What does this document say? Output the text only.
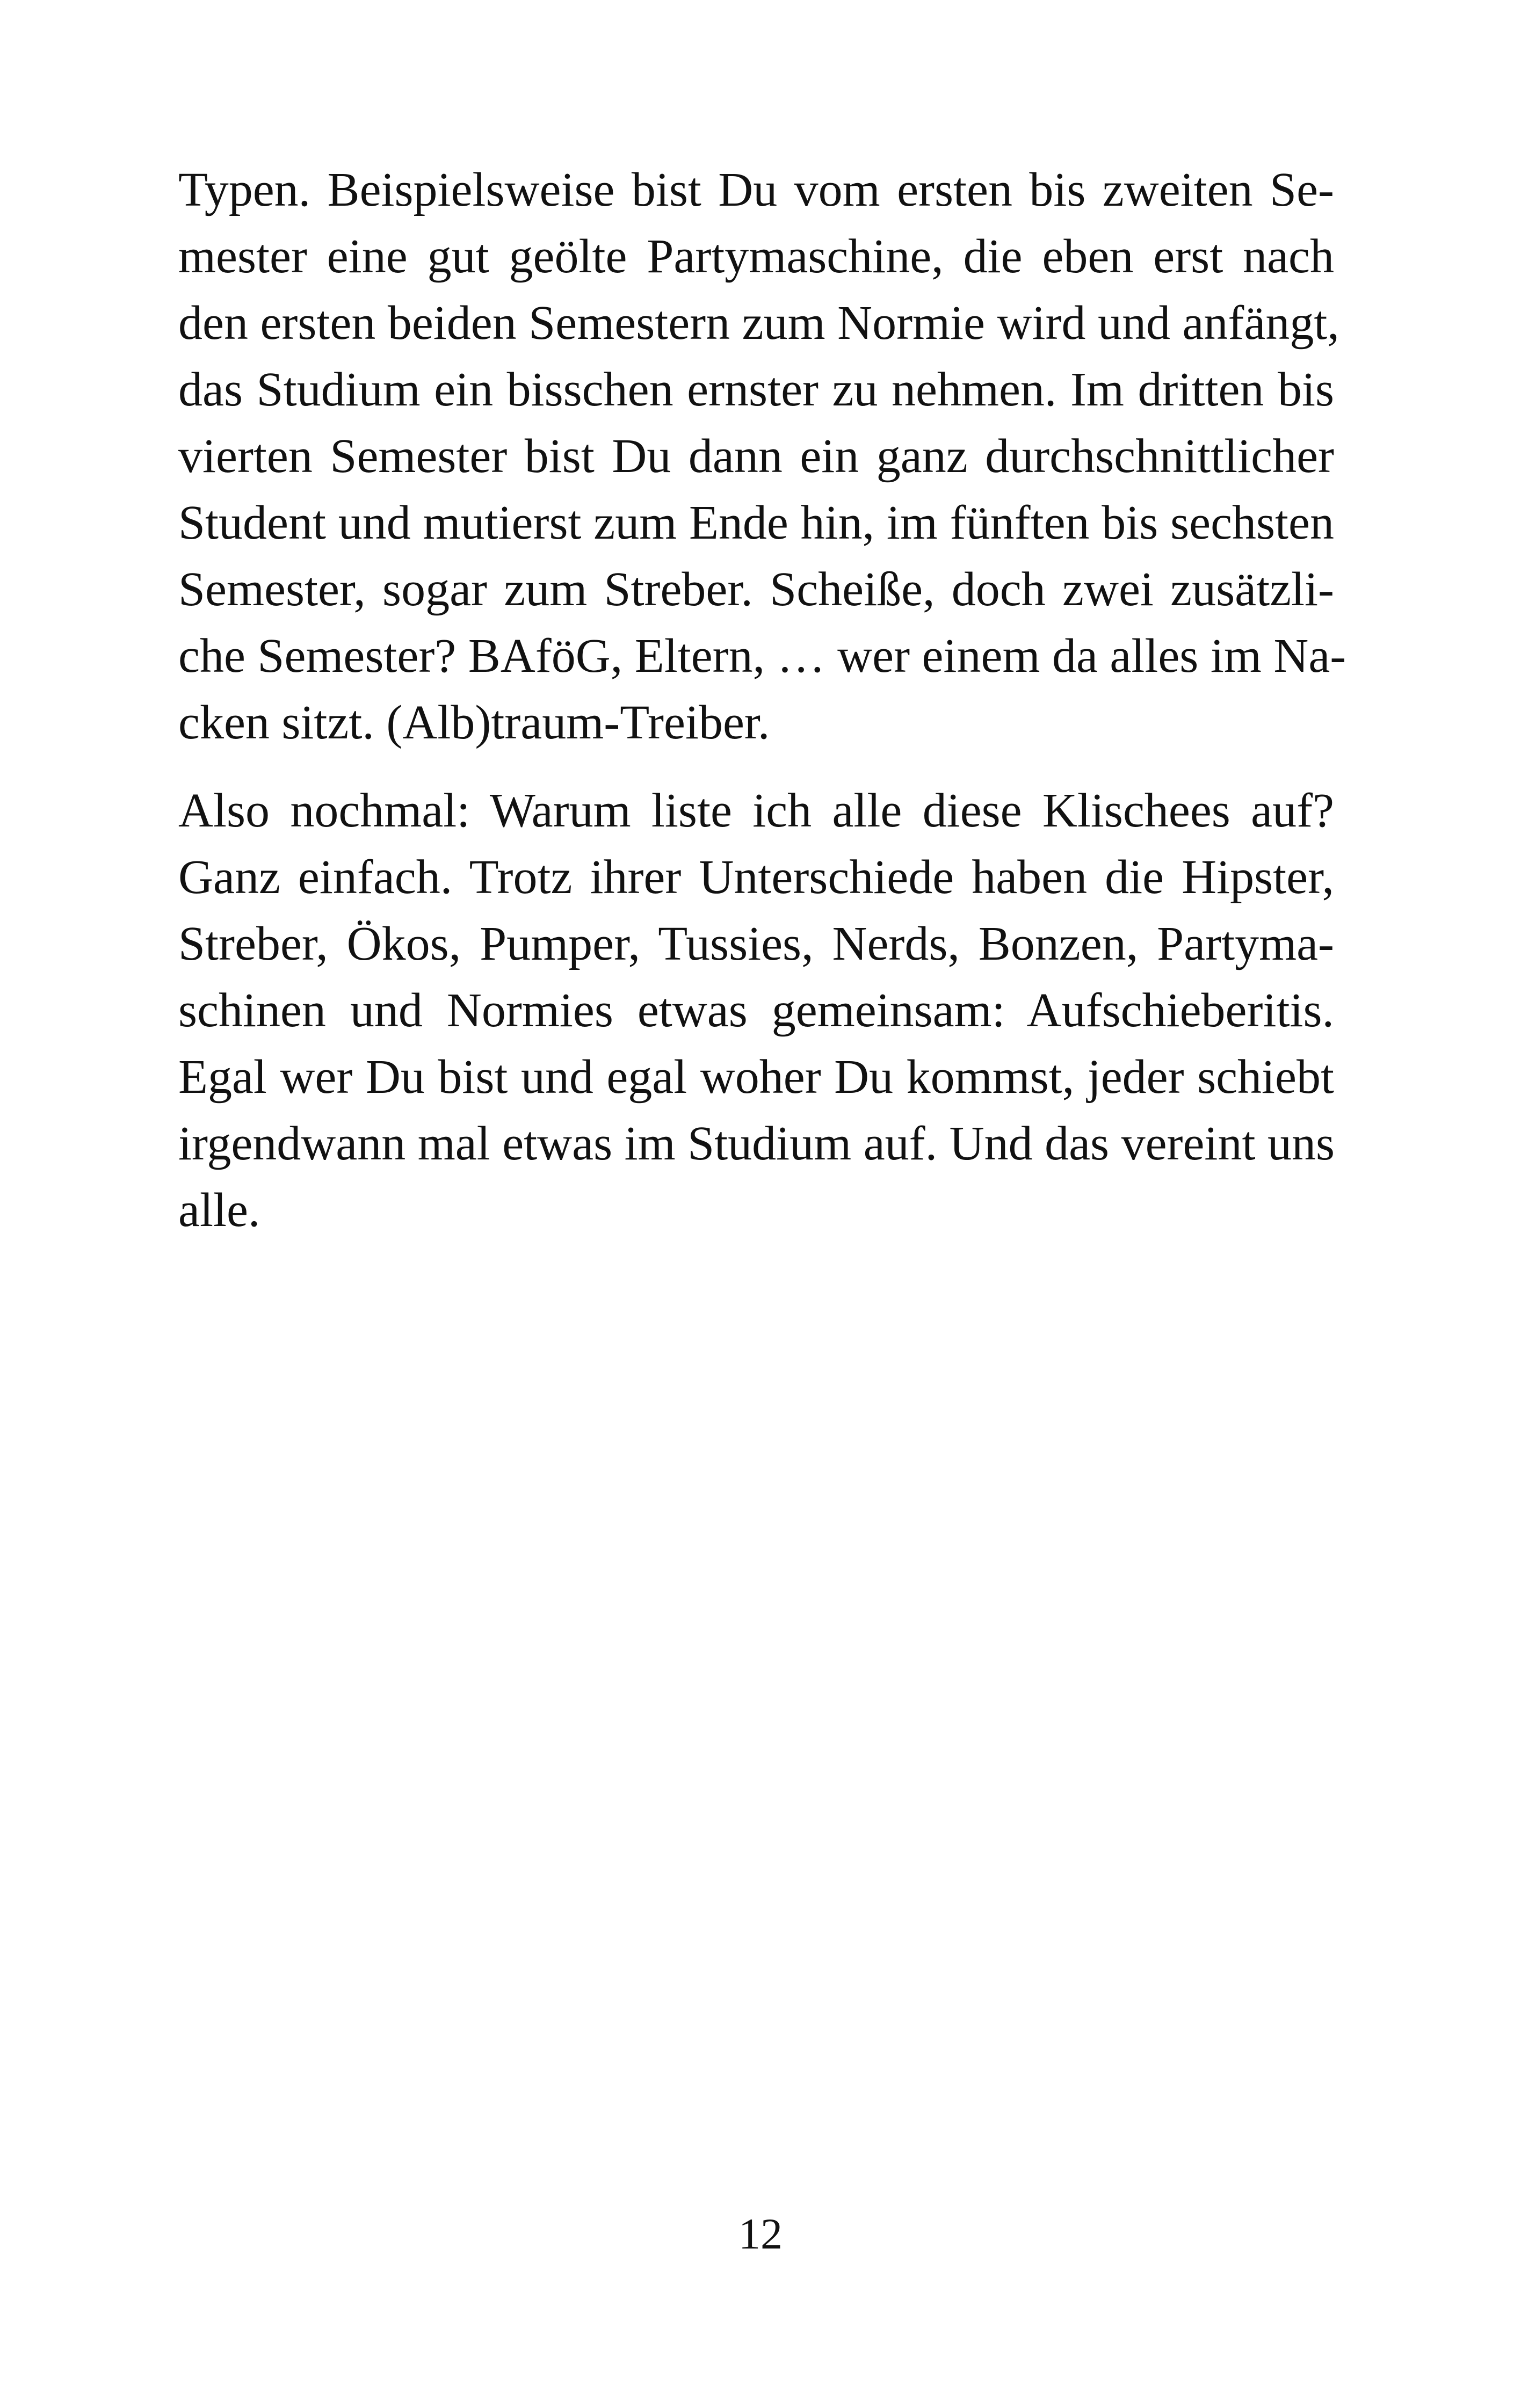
Typen. Beispielsweise bist Du vom ersten bis zweiten Se-
mester eine gut geölte Partymaschine, die eben erst nach
den ersten beiden Semestern zum Normie wird und anfängt,
das Studium ein bisschen ernster zu nehmen. Im dritten bis
vierten Semester bist Du dann ein ganz durchschnittlicher
Student und mutierst zum Ende hin, im fünften bis sechsten
Semester, sogar zum Streber. Scheiße, doch zwei zusätzli-
che Semester? BAföG, Eltern, … wer einem da alles im Na-
cken sitzt. (Alb)traum-Treiber.

Also nochmal: Warum liste ich alle diese Klischees auf?
Ganz einfach. Trotz ihrer Unterschiede haben die Hipster,
Streber, Ökos, Pumper, Tussies, Nerds, Bonzen, Partyma-
schinen und Normies etwas gemeinsam: Aufschieberitis.
Egal wer Du bist und egal woher Du kommst, jeder schiebt
irgendwann mal etwas im Studium auf. Und das vereint uns
alle.

12
